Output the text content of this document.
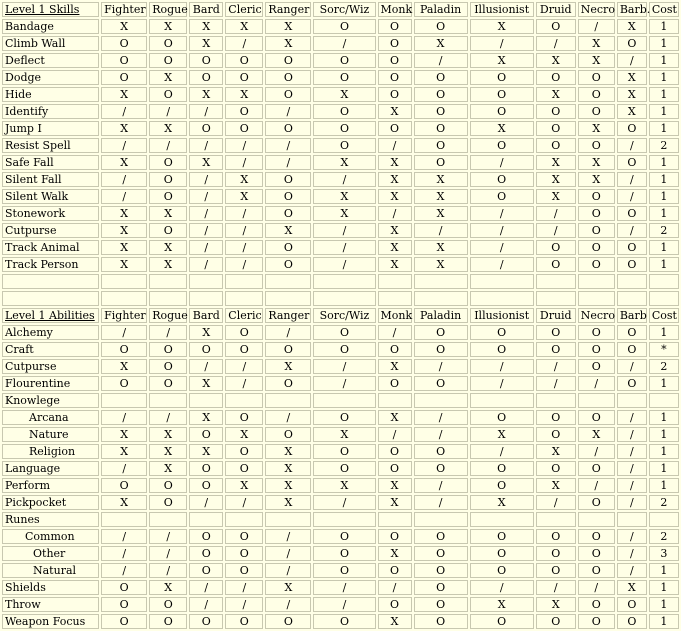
Level 1 Skills	Fighter	Rogue	Bard	Cleric	Ranger	Sorc/Wiz	Monk	Paladin	Illusionist	Druid	Necro	Barb.	Cost
Bandage	X	X	X	X	X	O	O	O	X	O	/	X	1
Climb Wall	O	O	X	/	X	/	O	X	/	/	X	O	1
Deflect	O	O	O	O	O	O	O	/	X	X	X	/	1
Dodge	O	X	O	O	O	O	O	O	O	O	O	X	1
Hide	X	O	X	X	O	X	O	O	O	X	O	X	1
Identify	/	/	/	O	/	O	X	O	O	O	O	X	1
Jump I	X	X	O	O	O	O	O	O	X	O	X	O	1
Resist Spell	/	/	/	/	/	O	/	O	O	O	O	/	2
Safe Fall	X	O	X	/	/	X	X	O	/	X	X	O	1
Silent Fall	/	O	/	X	O	/	X	X	O	X	X	/	1
Silent Walk	/	O	/	X	O	X	X	X	O	X	O	/	1
Stonework	X	X	/	/	O	X	/	X	/	/	O	O	1
Cutpurse	X	O	/	/	X	/	X	/	/	/	O	/	2
Track Animal	X	X	/	/	O	/	X	X	/	O	O	O	1
Track Person	X	X	/	/	O	/	X	X	/	O	O	O	1

Level 1 Abilities	Fighter	Rogue	Bard	Cleric	Ranger	Sorc/Wiz	Monk	Paladin	Illusionist	Druid	Necro	Barb	Cost
Alchemy	/	/	X	O	/	O	/	O	O	O	O	O	1
Craft	O	O	O	O	O	O	O	O	O	O	O	O	*
Cutpurse	X	O	/	/	X	/	X	/	/	/	O	/	2
Flourentine	O	O	X	/	O	/	O	O	/	/	/	O	1
Knowlege													
Arcana	/	/	X	O	/	O	X	/	O	O	O	/	1
Nature	X	X	O	X	O	X	/	/	X	O	X	/	1
Religion	X	X	X	O	X	O	O	O	/	X	/	/	1
Language	/	X	O	O	X	O	O	O	O	O	O	/	1
Perform	O	O	O	X	X	X	X	/	O	X	/	/	1
Pickpocket	X	O	/	/	X	/	X	/	X	/	O	/	2
Runes													
Common	/	/	O	O	/	O	O	O	O	O	O	/	2
Other	/	/	O	O	/	O	X	O	O	O	O	/	3
Natural	/	/	O	O	/	O	O	O	O	O	O	/	1
Shields	O	X	/	/	X	/	/	O	/	/	/	X	1
Throw	O	O	/	/	/	/	O	O	X	X	O	O	1
Weapon Focus	O	O	O	O	O	O	X	O	O	O	O	O	1
